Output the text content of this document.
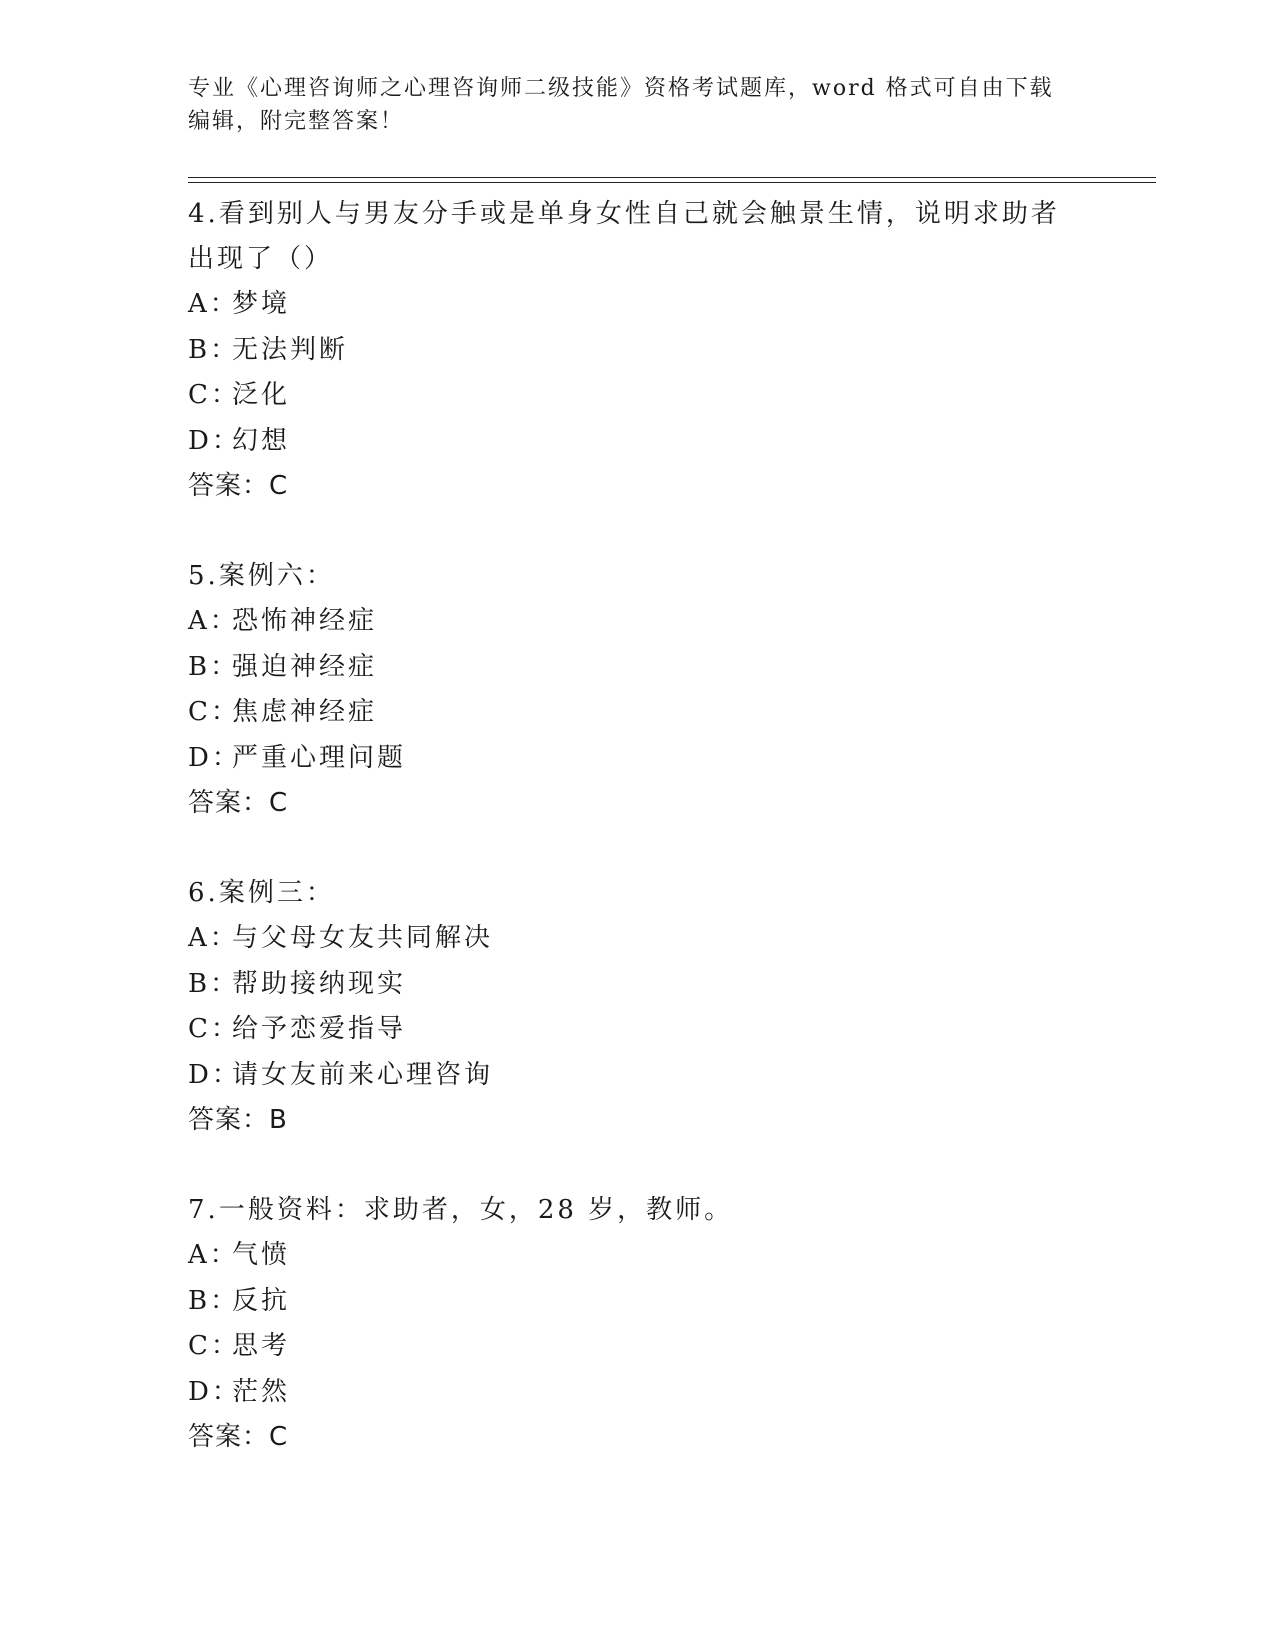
专业《心理咨询师之心理咨询师二级技能》资格考试题库，word 格式可自由下载
编辑，附完整答案！
4.看到别人与男友分手或是单身女性自己就会触景生情，说明求助者
出现了（）
A：
梦境
B：
无法判断
C：
泛化
D：
幻想
答案：C
5.案例六：
A：
恐怖神经症
B：
强迫神经症
C：
焦虑神经症
D：
严重心理问题
答案：C
6.案例三：
A：
与父母女友共同解决
B：
帮助接纳现实
C：
给予恋爱指导
D：
请女友前来心理咨询
答案：B
7.一般资料：求助者，女，28 岁，教师。
A：
气愤
B：
反抗
C：
思考
D：
茫然
答案：C
